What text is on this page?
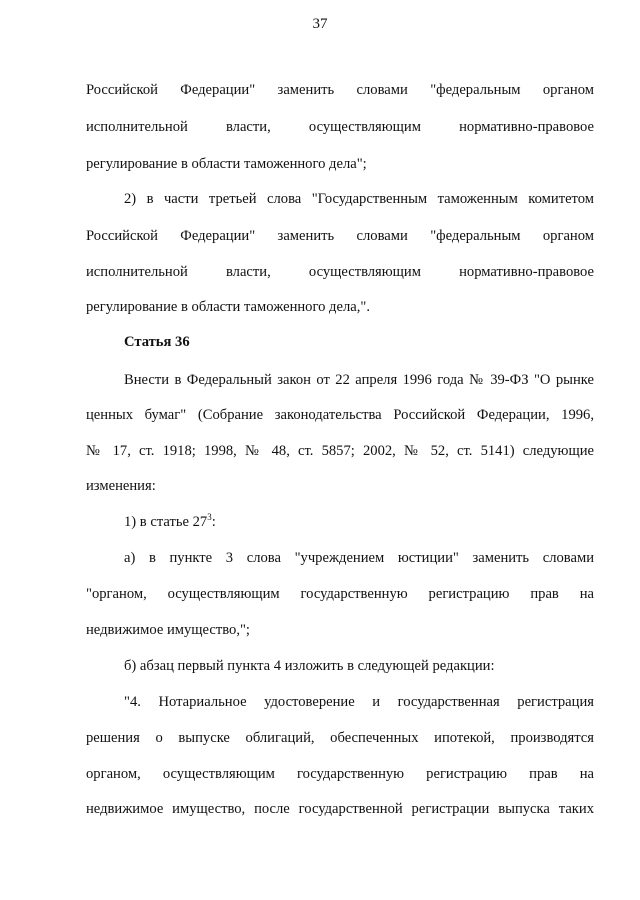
37
Российской Федерации" заменить словами "федеральным органом
исполнительной власти, осуществляющим нормативно-правовое
регулирование в области таможенного дела";
2) в части третьей слова "Государственным таможенным комитетом
Российской Федерации" заменить словами "федеральным органом
исполнительной власти, осуществляющим нормативно-правовое
регулирование в области таможенного дела,".
Статья 36
Внести в Федеральный закон от 22 апреля 1996 года № 39-ФЗ "О рынке
ценных бумаг" (Собрание законодательства Российской Федерации, 1996,
№ 17, ст. 1918; 1998, № 48, ст. 5857; 2002, № 52, ст. 5141) следующие
изменения:
1) в статье $27^3$:
а) в пункте 3 слова "учреждением юстиции" заменить словами
"органом, осуществляющим государственную регистрацию прав на
недвижимое имущество,";
б) абзац первый пункта 4 изложить в следующей редакции:
"4. Нотариальное удостоверение и государственная регистрация
решения о выпуске облигаций, обеспеченных ипотекой, производятся
органом, осуществляющим государственную регистрацию прав на
недвижимое имущество, после государственной регистрации выпуска таких
